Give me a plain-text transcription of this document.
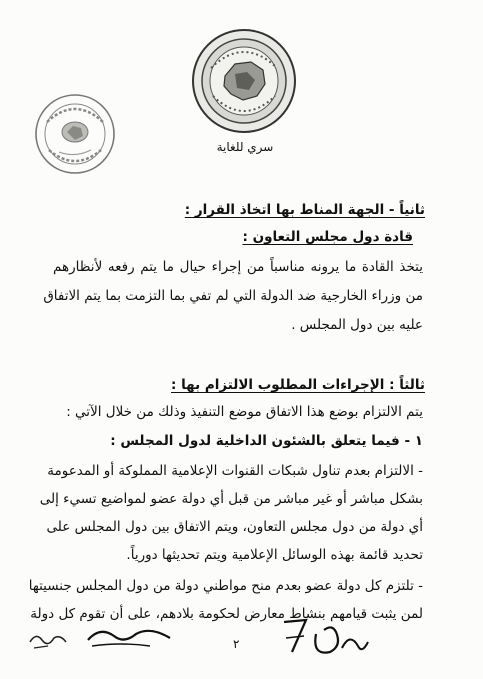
سري للغاية
ثانياً - الجهة المناط بها اتخاذ القرار :
قادة دول مجلس التعاون :
يتخذ القادة ما يرونه مناسباً من إجراء حيال ما يتم رفعه لأنظارهم
من وزراء الخارجية ضد الدولة التي لم تفي بما التزمت بما يتم الاتفاق
عليه بين دول المجلس .
ثالثاً : الإجراءات المطلوب الالتزام بها :
يتم الالتزام بوضع هذا الاتفاق موضع التنفيذ وذلك من خلال الآتي :
١ - فيما يتعلق بالشئون الداخلية لدول المجلس :
- الالتزام بعدم تناول شبكات القنوات الإعلامية المملوكة أو المدعومة
بشكل مباشر أو غير مباشر من قبل أي دولة عضو لمواضيع تسيء إلى
أي دولة من دول مجلس التعاون، ويتم الاتفاق بين دول المجلس على
تحديد قائمة بهذه الوسائل الإعلامية ويتم تحديثها دورياً.
- تلتزم كل دولة عضو بعدم منح مواطني دولة من دول المجلس جنسيتها
لمن يثبت قيامهم بنشاط معارض لحكومة بلادهم، على أن تقوم كل دولة
٢
